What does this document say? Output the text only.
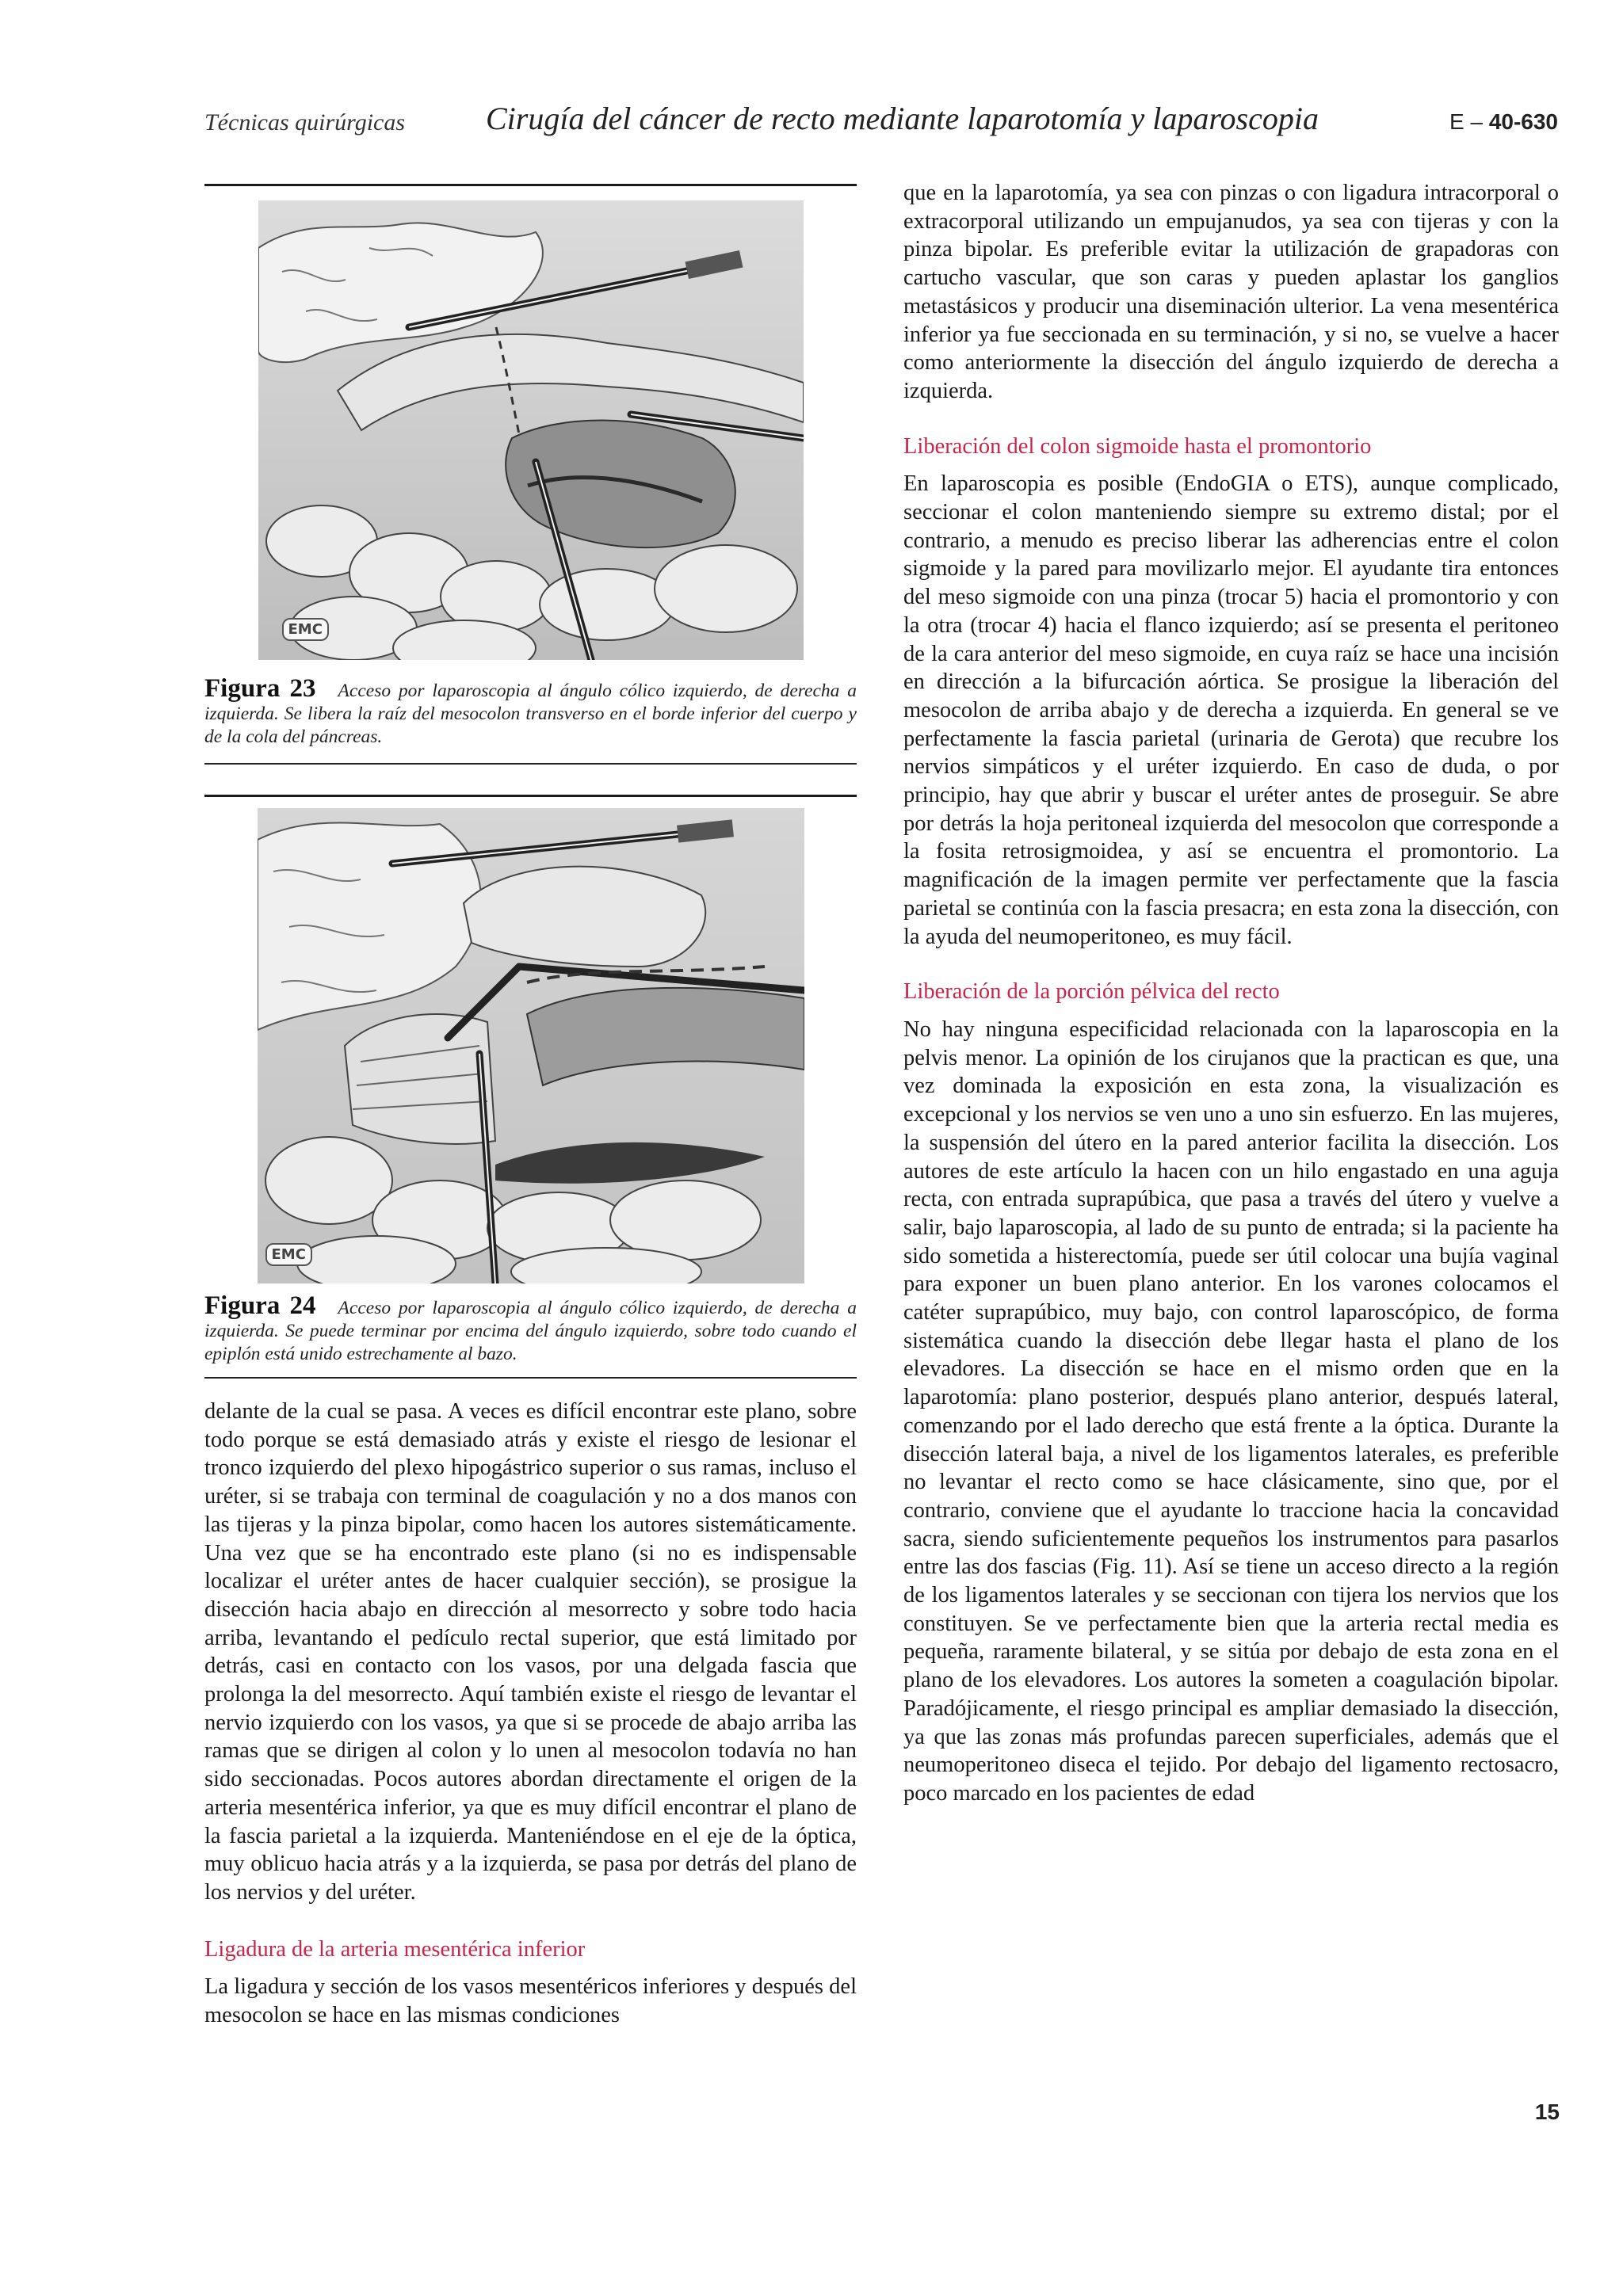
Técnicas quirúrgicas	Cirugía del cáncer de recto mediante laparotomía y laparoscopia	E – 40-630
EMC
Figura 23 Acceso por laparoscopia al ángulo cólico izquierdo, de derecha a izquierda. Se libera la raíz del mesocolon transverso en el borde inferior del cuerpo y de la cola del páncreas.
EMC
Figura 24 Acceso por laparoscopia al ángulo cólico izquierdo, de derecha a izquierda. Se puede terminar por encima del ángulo izquierdo, sobre todo cuando el epiplón está unido estrechamente al bazo.

delante de la cual se pasa. A veces es difícil encontrar este plano, sobre todo porque se está demasiado atrás y existe el riesgo de lesionar el tronco izquierdo del plexo hipogástrico superior o sus ramas, incluso el uréter, si se trabaja con terminal de coagulación y no a dos manos con las tijeras y la pinza bipolar, como hacen los autores sistemáticamente. Una vez que se ha encontrado este plano (si no es indispensable localizar el uréter antes de hacer cualquier sección), se prosigue la disección hacia abajo en dirección al mesorrecto y sobre todo hacia arriba, levantando el pedículo rectal superior, que está limitado por detrás, casi en contacto con los vasos, por una delgada fascia que prolonga la del mesorrecto. Aquí también existe el riesgo de levantar el nervio izquierdo con los vasos, ya que si se procede de abajo arriba las ramas que se dirigen al colon y lo unen al mesocolon todavía no han sido seccionadas. Pocos autores abordan directamente el origen de la arteria mesentérica inferior, ya que es muy difícil encontrar el plano de la fascia parietal a la izquierda. Manteniéndose en el eje de la óptica, muy oblicuo hacia atrás y a la izquierda, se pasa por detrás del plano de los nervios y del uréter.

Ligadura de la arteria mesentérica inferior

La ligadura y sección de los vasos mesentéricos inferiores y después del mesocolon se hace en las mismas condiciones

que en la laparotomía, ya sea con pinzas o con ligadura intracorporal o extracorporal utilizando un empujanudos, ya sea con tijeras y con la pinza bipolar. Es preferible evitar la utilización de grapadoras con cartucho vascular, que son caras y pueden aplastar los ganglios metastásicos y producir una diseminación ulterior. La vena mesentérica inferior ya fue seccionada en su terminación, y si no, se vuelve a hacer como anteriormente la disección del ángulo izquierdo de derecha a izquierda.

Liberación del colon sigmoide hasta el promontorio

En laparoscopia es posible (EndoGIA o ETS), aunque complicado, seccionar el colon manteniendo siempre su extremo distal; por el contrario, a menudo es preciso liberar las adherencias entre el colon sigmoide y la pared para movilizarlo mejor. El ayudante tira entonces del meso sigmoide con una pinza (trocar 5) hacia el promontorio y con la otra (trocar 4) hacia el flanco izquierdo; así se presenta el peritoneo de la cara anterior del meso sigmoide, en cuya raíz se hace una incisión en dirección a la bifurcación aórtica. Se prosigue la liberación del mesocolon de arriba abajo y de derecha a izquierda. En general se ve perfectamente la fascia parietal (urinaria de Gerota) que recubre los nervios simpáticos y el uréter izquierdo. En caso de duda, o por principio, hay que abrir y buscar el uréter antes de proseguir. Se abre por detrás la hoja peritoneal izquierda del mesocolon que corresponde a la fosita retrosigmoidea, y así se encuentra el promontorio. La magnificación de la imagen permite ver perfectamente que la fascia parietal se continúa con la fascia presacra; en esta zona la disección, con la ayuda del neumoperitoneo, es muy fácil.

Liberación de la porción pélvica del recto

No hay ninguna especificidad relacionada con la laparoscopia en la pelvis menor. La opinión de los cirujanos que la practican es que, una vez dominada la exposición en esta zona, la visualización es excepcional y los nervios se ven uno a uno sin esfuerzo. En las mujeres, la suspensión del útero en la pared anterior facilita la disección. Los autores de este artículo la hacen con un hilo engastado en una aguja recta, con entrada suprapúbica, que pasa a través del útero y vuelve a salir, bajo laparoscopia, al lado de su punto de entrada; si la paciente ha sido sometida a histerectomía, puede ser útil colocar una bujía vaginal para exponer un buen plano anterior. En los varones colocamos el catéter suprapúbico, muy bajo, con control laparoscópico, de forma sistemática cuando la disección debe llegar hasta el plano de los elevadores. La disección se hace en el mismo orden que en la laparotomía: plano posterior, después plano anterior, después lateral, comenzando por el lado derecho que está frente a la óptica. Durante la disección lateral baja, a nivel de los ligamentos laterales, es preferible no levantar el recto como se hace clásicamente, sino que, por el contrario, conviene que el ayudante lo traccione hacia la concavidad sacra, siendo suficientemente pequeños los instrumentos para pasarlos entre las dos fascias (Fig. 11). Así se tiene un acceso directo a la región de los ligamentos laterales y se seccionan con tijera los nervios que los constituyen. Se ve perfectamente bien que la arteria rectal media es pequeña, raramente bilateral, y se sitúa por debajo de esta zona en el plano de los elevadores. Los autores la someten a coagulación bipolar. Paradójicamente, el riesgo principal es ampliar demasiado la disección, ya que las zonas más profundas parecen superficiales, además que el neumoperitoneo diseca el tejido. Por debajo del ligamento rectosacro, poco marcado en los pacientes de edad

15
